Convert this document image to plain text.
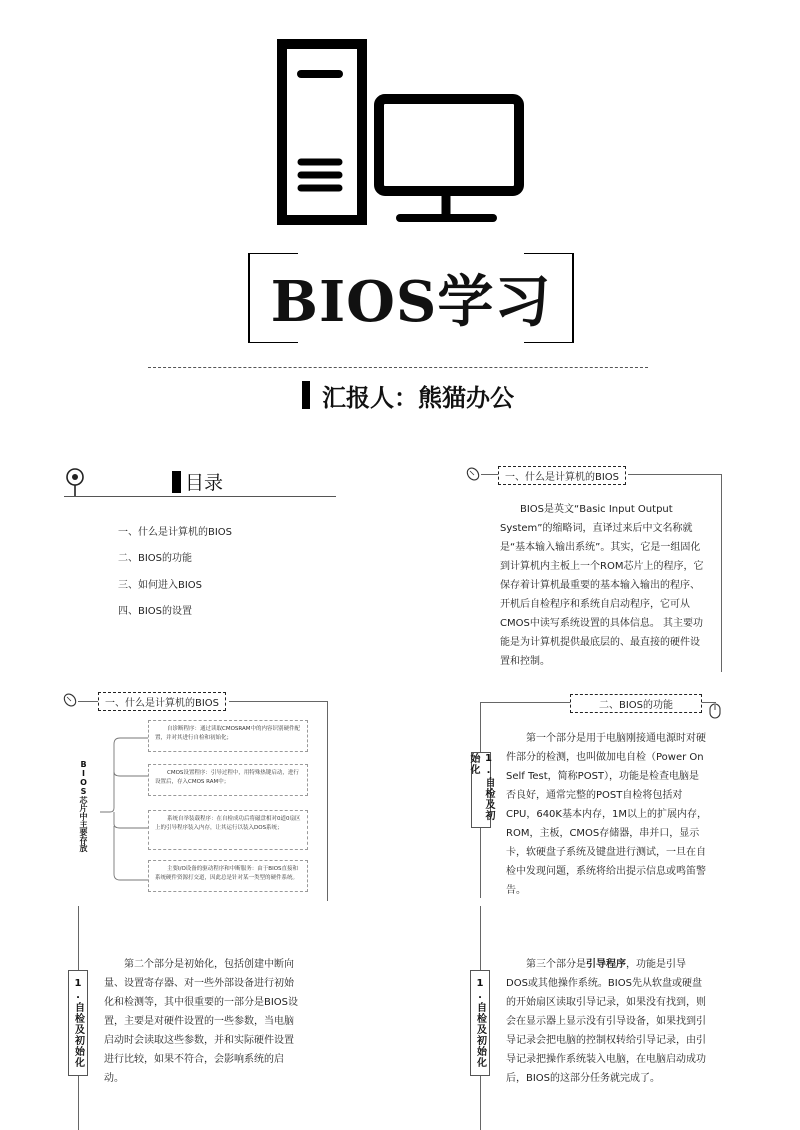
BIOS学习
汇报人：熊猫办公
目录
一、什么是计算机的BIOS
二、BIOS的功能
三、如何进入BIOS
四、BIOS的设置
一、什么是计算机的BIOS
BIOS是英文“Basic Input Output System”的缩略词，直译过来后中文名称就是“基本输入输出系统”。其实，它是一组固化到计算机内主板上一个ROM芯片上的程序，它保存着计算机最重要的基本输入输出的程序、开机后自检程序和系统自启动程序，它可从CMOS中读写系统设置的具体信息。 其主要功能是为计算机提供最底层的、最直接的硬件设置和控制。
一、什么是计算机的BIOS
BIOS芯片中主要存放
自诊断程序：通过读取CMOSRAM中的内容识别硬件配置，并对其进行自检和初始化；
CMOS设置程序：引导过程中，用特殊热键启动，进行设置后，存入CMOS RAM中；
系统自举装载程序：在自检成功后将磁盘相对0道0扇区上的引导程序装入内存，让其运行以装入DOS系统；
主要I/O设备的驱动程序和中断服务：由于BIOS直接和系统硬件资源打交道，因此总是针对某一类型的硬件系统。
二、BIOS的功能
1.自检及初始化
第一个部分是用于电脑刚接通电源时对硬件部分的检测，也叫做加电自检（Power On Self Test，简称POST），功能是检查电脑是否良好，通常完整的POST自检将包括对CPU，640K基本内存，1M以上的扩展内存，ROM，主板，CMOS存储器，串并口，显示卡，软硬盘子系统及键盘进行测试，一旦在自检中发现问题，系统将给出提示信息或鸣笛警告。
1.自检及初始化
第二个部分是初始化，包括创建中断向量、设置寄存器、对一些外部设备进行初始化和检测等，其中很重要的一部分是BIOS设置，主要是对硬件设置的一些参数，当电脑启动时会读取这些参数，并和实际硬件设置进行比较，如果不符合，会影响系统的启动。
1.自检及初始化
第三个部分是引导程序，功能是引导DOS或其他操作系统。BIOS先从软盘或硬盘的开始扇区读取引导记录，如果没有找到，则会在显示器上显示没有引导设备，如果找到引导记录会把电脑的控制权转给引导记录，由引导记录把操作系统装入电脑，在电脑启动成功后，BIOS的这部分任务就完成了。
